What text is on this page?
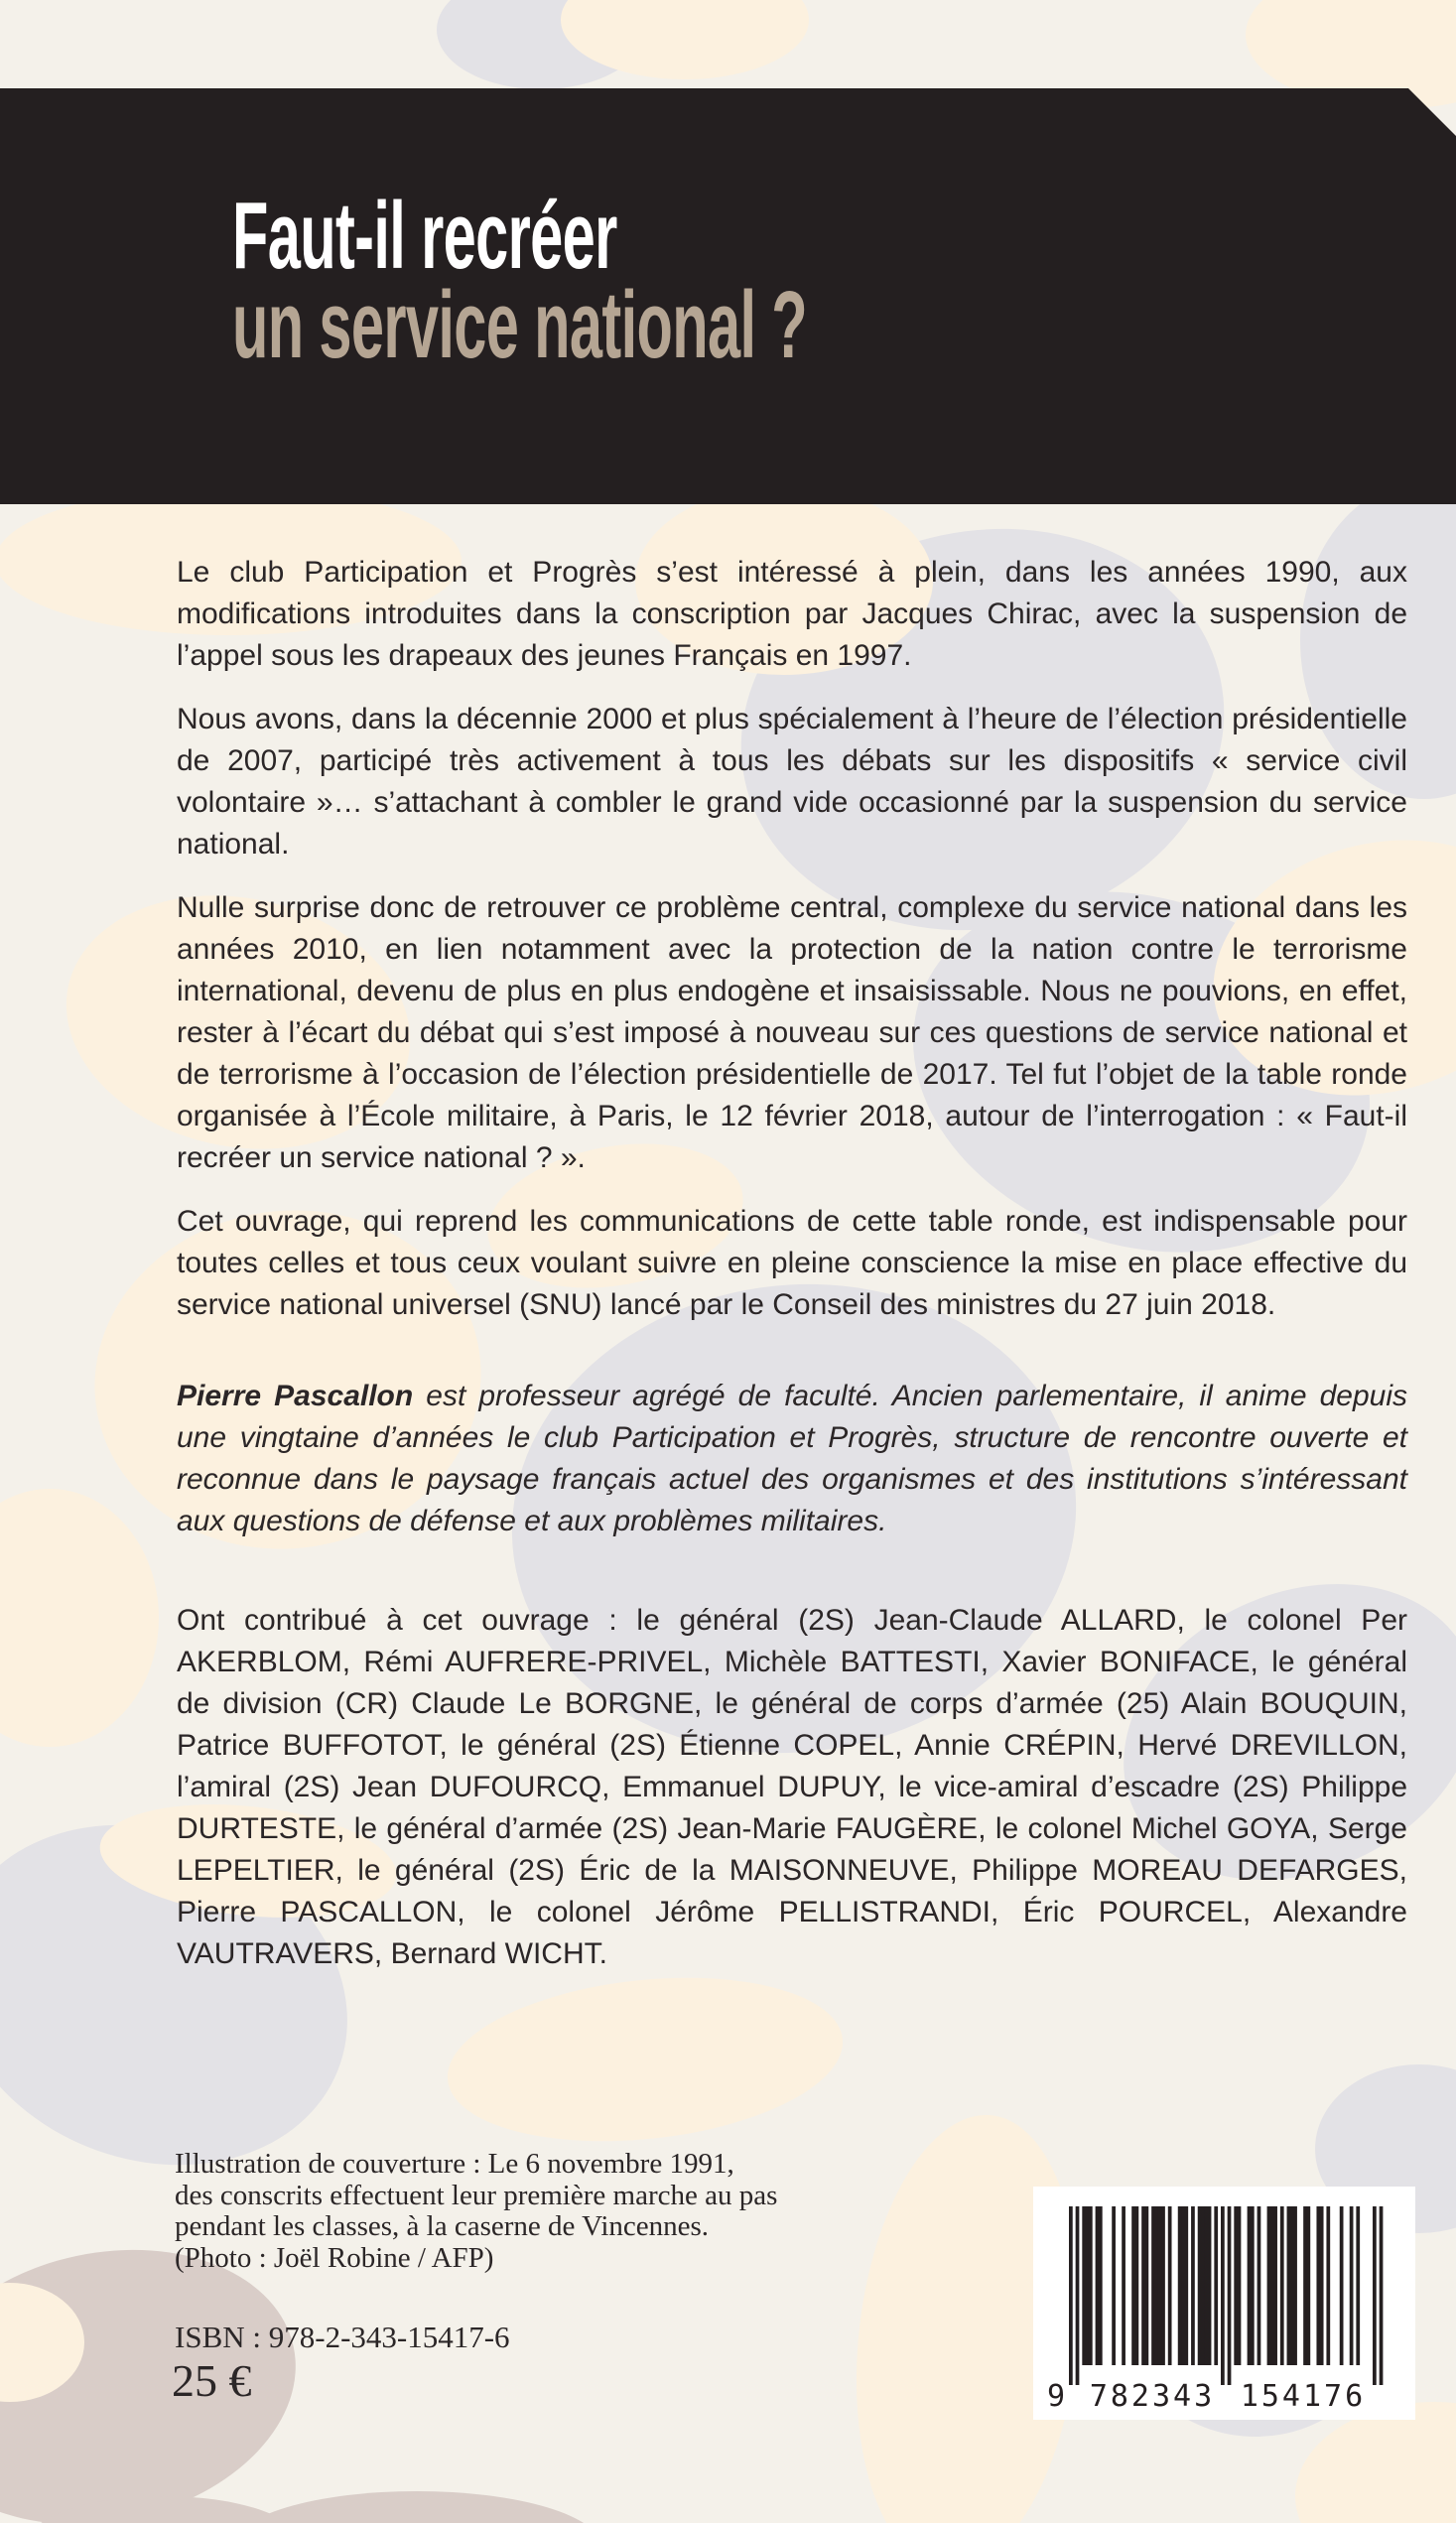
Faut-il recréer
un service national ?

Le club Participation et Progrès s’est intéressé à plein, dans les années 1990, aux modifications introduites dans la conscription par Jacques Chirac, avec la suspension de l’appel sous les drapeaux des jeunes Français en 1997.

Nous avons, dans la décennie 2000 et plus spécialement à l’heure de l’élection présidentielle de 2007, participé très activement à tous les débats sur les dispositifs « service civil volontaire »… s’attachant à combler le grand vide occasionné par la suspension du service national.

Nulle surprise donc de retrouver ce problème central, complexe du service national dans les années 2010, en lien notamment avec la protection de la nation contre le terrorisme international, devenu de plus en plus endogène et insaisissable. Nous ne pouvions, en effet, rester à l’écart du débat qui s’est imposé à nouveau sur ces questions de service national et de terrorisme à l’occasion de l’élection présidentielle de 2017. Tel fut l’objet de la table ronde organisée à l’École militaire, à Paris, le 12 février 2018, autour de l’interrogation : « Faut-il recréer un service national ? ».

Cet ouvrage, qui reprend les communications de cette table ronde, est indispensable pour toutes celles et tous ceux voulant suivre en pleine conscience la mise en place effective du service national universel (SNU) lancé par le Conseil des ministres du 27 juin 2018.

Pierre Pascallon est professeur agrégé de faculté. Ancien parlementaire, il anime depuis une vingtaine d’années le club Participation et Progrès, structure de rencontre ouverte et reconnue dans le paysage français actuel des organismes et des institutions s’intéressant aux questions de défense et aux problèmes militaires.

Ont contribué à cet ouvrage : le général (2S) Jean-Claude ALLARD, le colonel Per AKERBLOM, Rémi AUFRERE-PRIVEL, Michèle BATTESTI, Xavier BONIFACE, le général de division (CR) Claude Le BORGNE, le général de corps d’armée (25) Alain BOUQUIN, Patrice BUFFOTOT, le général (2S) Étienne COPEL, Annie CRÉPIN, Hervé DREVILLON, l’amiral (2S) Jean DUFOURCQ, Emmanuel DUPUY, le vice-amiral d’escadre (2S) Philippe DURTESTE, le général d’armée (2S) Jean-Marie FAUGÈRE, le colonel Michel GOYA, Serge LEPELTIER, le général (2S) Éric de la MAISONNEUVE, Philippe MOREAU DEFARGES, Pierre PASCALLON, le colonel Jérôme PELLISTRANDI, Éric POURCEL, Alexandre VAUTRAVERS, Bernard WICHT.

Illustration de couverture : Le 6 novembre 1991,
des conscrits effectuent leur première marche au pas
pendant les classes, à la caserne de Vincennes.
(Photo : Joël Robine / AFP)
ISBN : 978-2-343-15417-6
25 €	9 782343 154176
